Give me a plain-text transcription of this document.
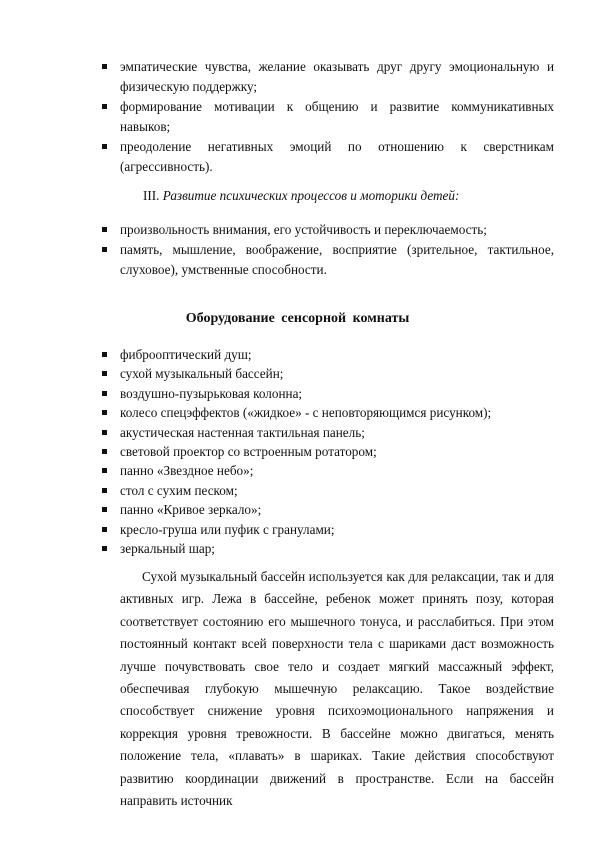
эмпатические чувства, желание оказывать друг другу эмоциональную и физическую поддержку;
формирование мотивации к общению и развитие коммуникативных навыков;
преодоление негативных эмоций по отношению к сверстникам (агрессивность).
III. Развитие психических процессов и моторики детей:
произвольность внимания, его устойчивость и переключаемость;
память, мышление, воображение, восприятие (зрительное, тактильное, слуховое), умственные способности.
Оборудование сенсорной комнаты
фиброоптический душ;
сухой музыкальный бассейн;
воздушно-пузырьковая колонна;
колесо спецэффектов («жидкое» - с неповторяющимся рисунком);
акустическая настенная тактильная панель;
световой проектор со встроенным ротатором;
панно «Звездное небо»;
стол с сухим песком;
панно «Кривое зеркало»;
кресло-груша или пуфик с гранулами;
зеркальный шар;

Сухой музыкальный бассейн используется как для релаксации, так и для активных игр. Лежа в бассейне, ребенок может принять позу, которая соответствует состоянию его мышечного тонуса, и расслабиться. При этом постоянный контакт всей поверхности тела с шариками даст возможность лучше почувствовать свое тело и создает мягкий массажный эффект, обеспечивая глубокую мышечную релаксацию. Такое воздействие способствует снижение уровня психоэмоционального напряжения и коррекция уровня тревожности. В бассейне можно двигаться, менять положение тела, «плавать» в шариках. Такие действия способствуют развитию координации движений в пространстве. Если на бассейн направить источник
